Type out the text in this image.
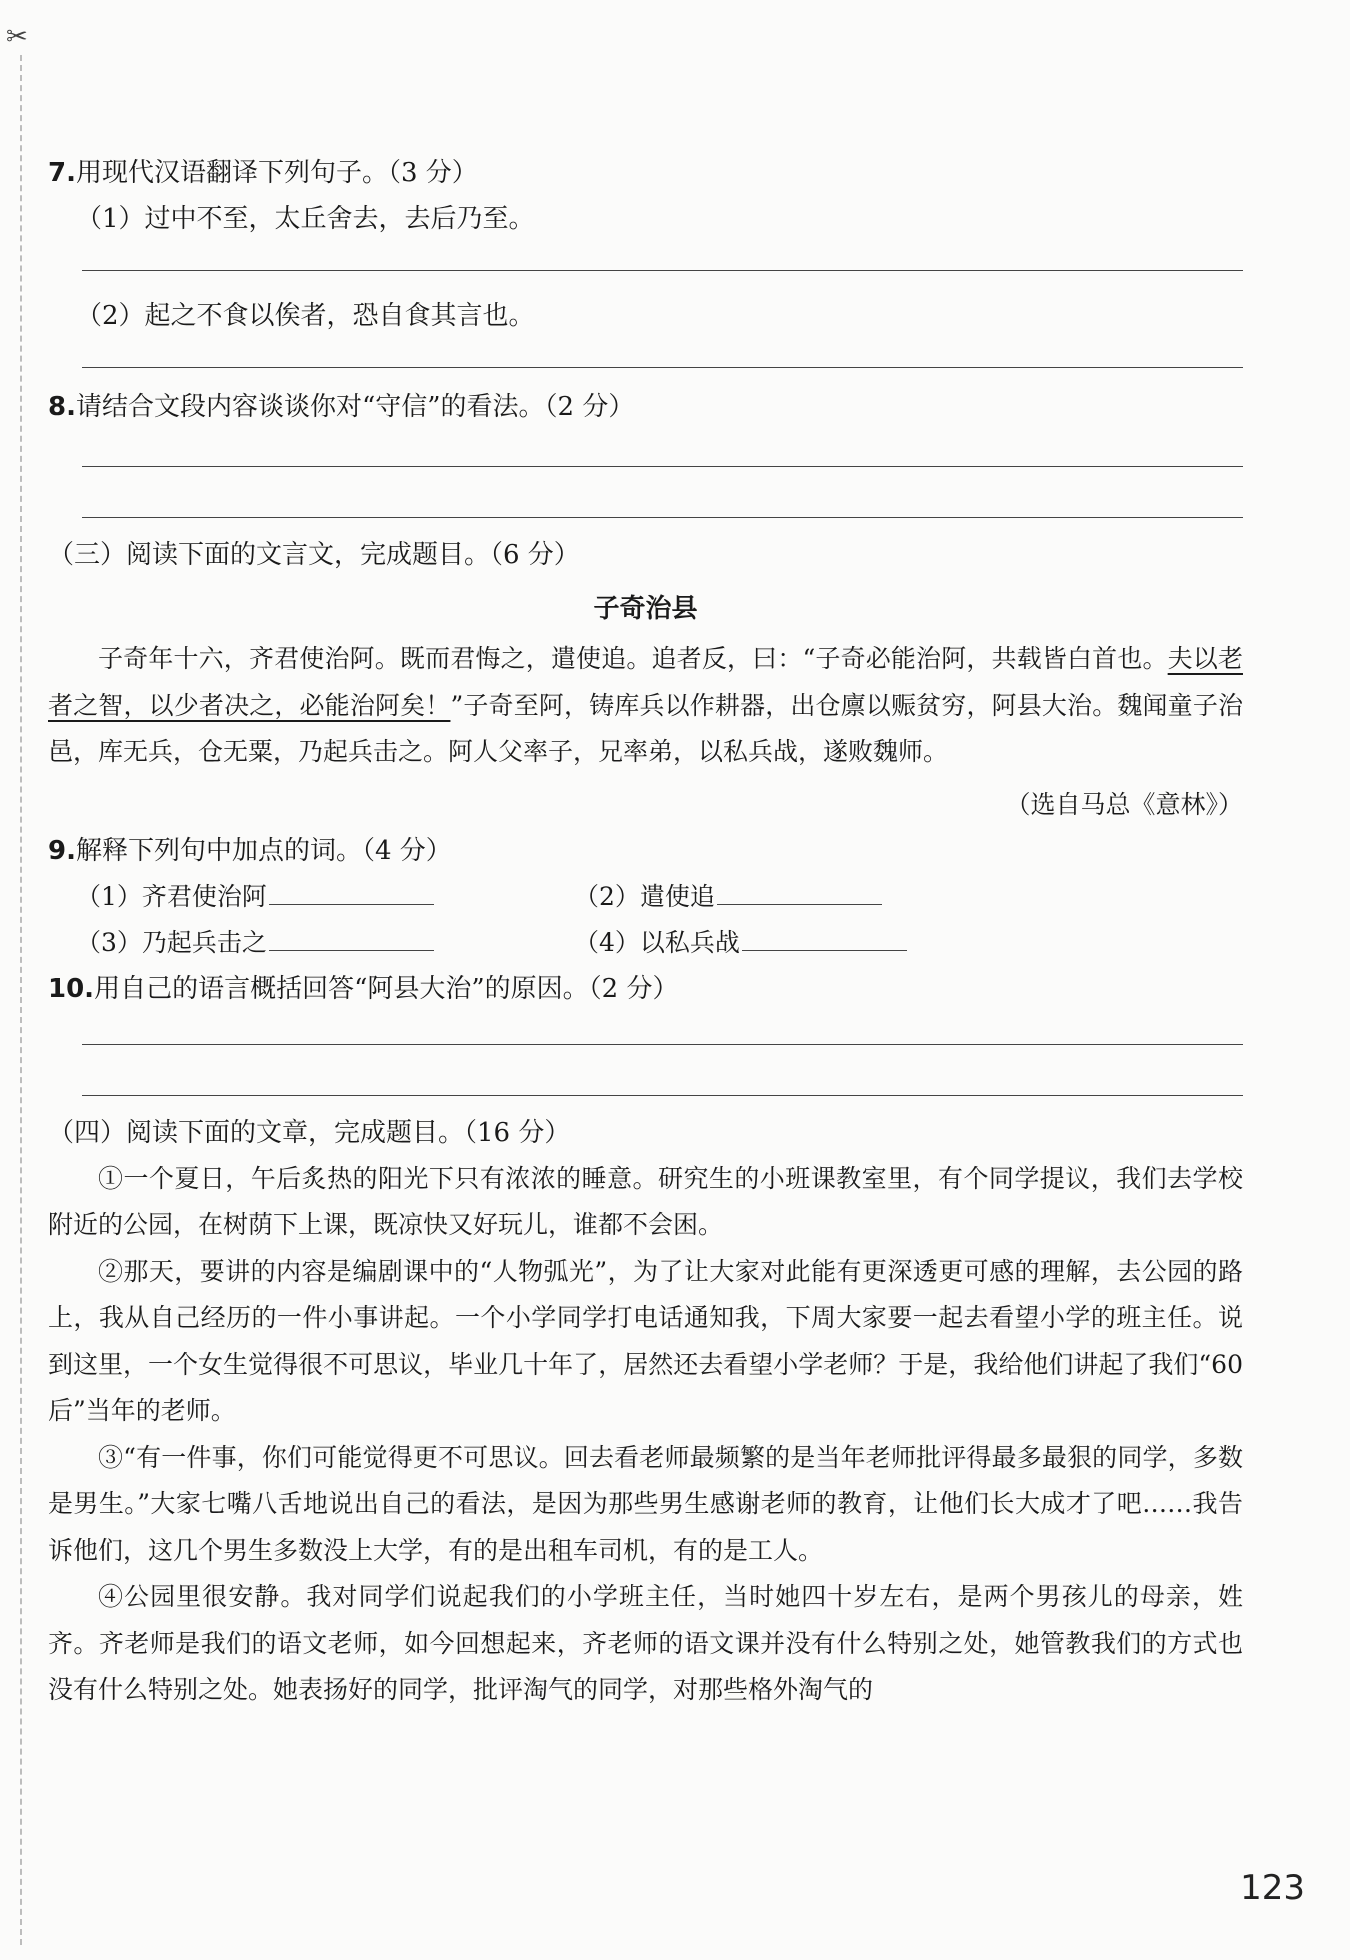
✂
7.用现代汉语翻译下列句子。（3 分）
（1）过中不至，太丘舍去，去后乃至。
（2）起之不食以俟者，恐自食其言也。
8.请结合文段内容谈谈你对“守信”的看法。（2 分）
（三）阅读下面的文言文，完成题目。（6 分）
子奇治县

子奇年十六，齐君使治阿。既而君悔之，遣使追。追者反，曰：“子奇必能治阿，共载皆白首也。夫以老者之智，以少者决之，必能治阿矣！”子奇至阿，铸库兵以作耕器，出仓廪以赈贫穷，阿县大治。魏闻童子治邑，库无兵，仓无粟，乃起兵击之。阿人父率子，兄率弟，以私兵战，遂败魏师。

（选自马总《意林》）
9.解释下列句中加点的词。（4 分）
（1）齐君使治阿	（2）遣使追
（3）乃起兵击之	（4）以私兵战
10.用自己的语言概括回答“阿县大治”的原因。（2 分）
（四）阅读下面的文章，完成题目。（16 分）

①一个夏日，午后炙热的阳光下只有浓浓的睡意。研究生的小班课教室里，有个同学提议，我们去学校附近的公园，在树荫下上课，既凉快又好玩儿，谁都不会困。

②那天，要讲的内容是编剧课中的“人物弧光”，为了让大家对此能有更深透更可感的理解，去公园的路上，我从自己经历的一件小事讲起。一个小学同学打电话通知我，下周大家要一起去看望小学的班主任。说到这里，一个女生觉得很不可思议，毕业几十年了，居然还去看望小学老师？于是，我给他们讲起了我们“60 后”当年的老师。

③“有一件事，你们可能觉得更不可思议。回去看老师最频繁的是当年老师批评得最多最狠的同学，多数是男生。”大家七嘴八舌地说出自己的看法，是因为那些男生感谢老师的教育，让他们长大成才了吧……我告诉他们，这几个男生多数没上大学，有的是出租车司机，有的是工人。

④公园里很安静。我对同学们说起我们的小学班主任，当时她四十岁左右，是两个男孩儿的母亲，姓齐。齐老师是我们的语文老师，如今回想起来，齐老师的语文课并没有什么特别之处，她管教我们的方式也没有什么特别之处。她表扬好的同学，批评淘气的同学，对那些格外淘气的

123
